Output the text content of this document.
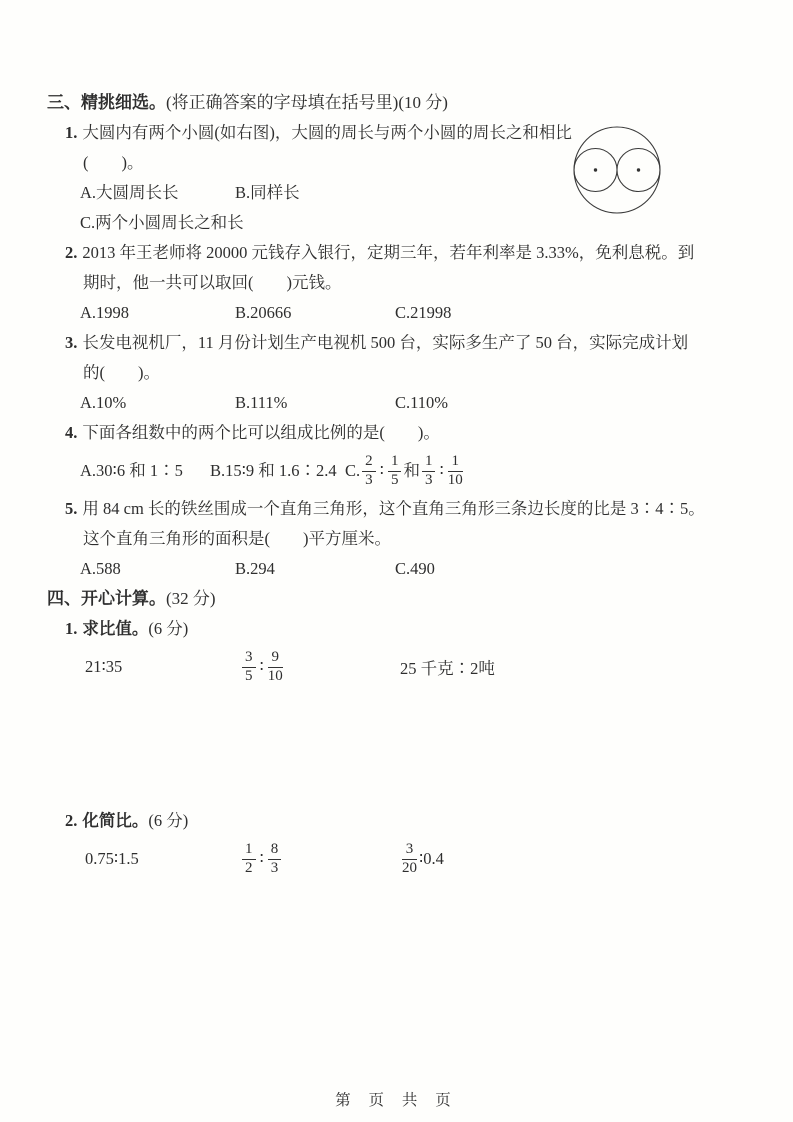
三、精挑细选。(将正确答案的字母填在括号里)(10 分)
1. 大圆内有两个小圆(如右图)，大圆的周长与两个小圆的周长之和相比
(　　)。
A.大圆周长长	B.同样长
C.两个小圆周长之和长
2. 2013 年王老师将 20000 元钱存入银行，定期三年，若年利率是 3.33%，免利息税。到
期时，他一共可以取回(　　)元钱。
A.1998	B.20666	C.21998
3. 长发电视机厂，11 月份计划生产电视机 500 台，实际多生产了 50 台，实际完成计划
的(　　)。
A.10%	B.111%	C.110%
4. 下面各组数中的两个比可以组成比例的是(　　)。
A.30∶6 和 1∶5	B.15∶9 和 1.6∶2.4 C. $\frac{2}{3}$ ∶ $\frac{1}{5}$ 和 $\frac{1}{3}$ ∶ $\frac{1}{10}$
5. 用 84 cm 长的铁丝围成一个直角三角形，这个直角三角形三条边长度的比是 3∶4∶5。
这个直角三角形的面积是(　　)平方厘米。
A.588	B.294	C.490
四、开心计算。(32 分)
1. 求比值。(6 分)
21∶35	$\frac{3}{5}$ ∶ $\frac{9}{10}$	25 千克∶2吨
2. 化简比。(6 分)
0.75∶1.5	$\frac{1}{2}$ ∶ $\frac{8}{3}$	$\frac{3}{20}$ ∶0.4
第 页 共 页
